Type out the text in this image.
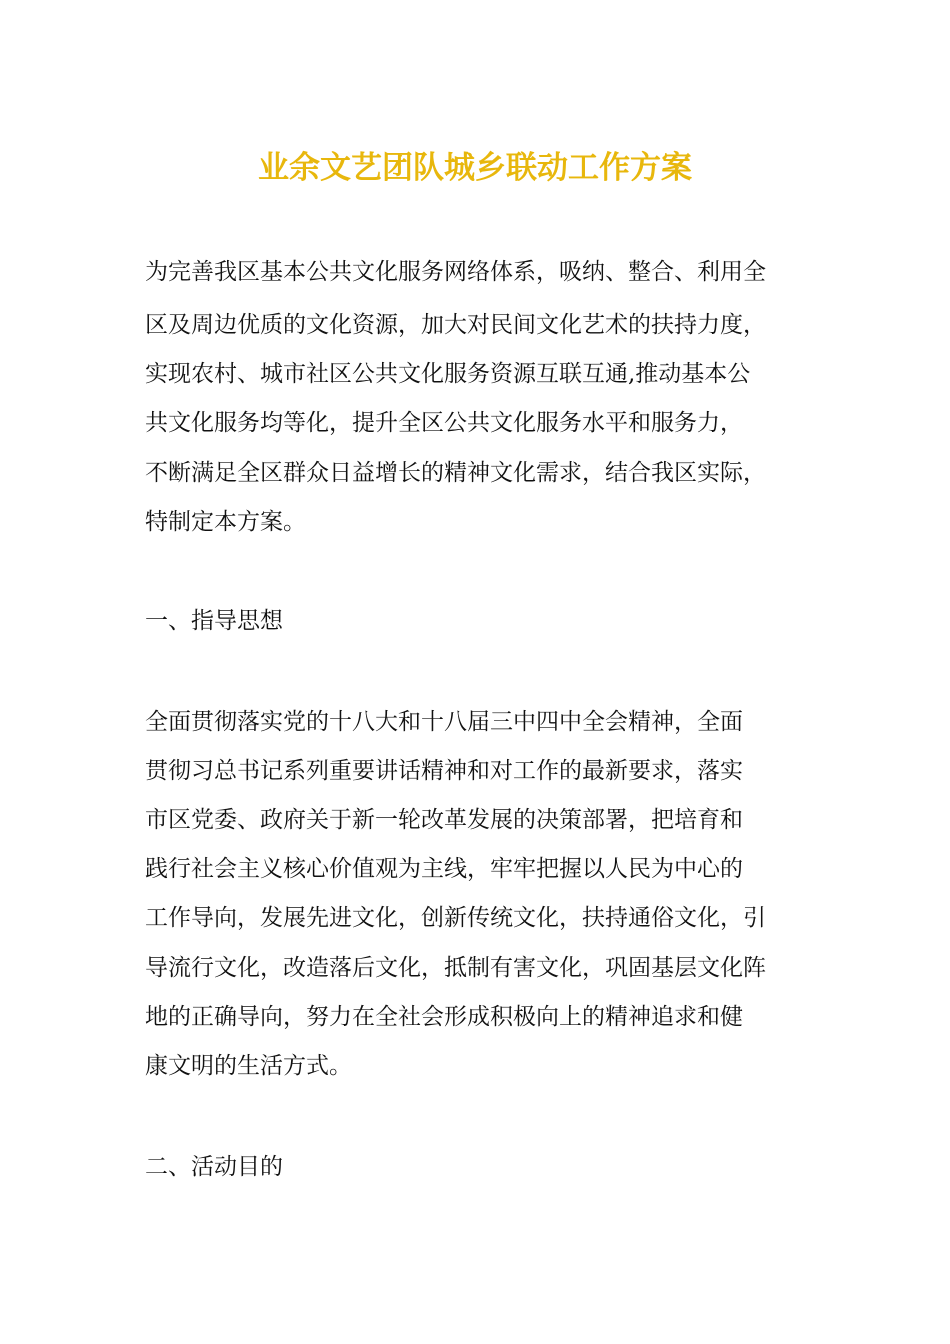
业余文艺团队城乡联动工作方案
为完善我区基本公共文化服务网络体系，吸纳、整合、利用全
区及周边优质的文化资源，加大对民间文化艺术的扶持力度，
实现农村、城市社区公共文化服务资源互联互通,推动基本公
共文化服务均等化，提升全区公共文化服务水平和服务力，
不断满足全区群众日益增长的精神文化需求，结合我区实际，
特制定本方案。
一、指导思想
全面贯彻落实党的十八大和十八届三中四中全会精神，全面
贯彻习总书记系列重要讲话精神和对工作的最新要求，落实
市区党委、政府关于新一轮改革发展的决策部署，把培育和
践行社会主义核心价值观为主线，牢牢把握以人民为中心的
工作导向，发展先进文化，创新传统文化，扶持通俗文化，引
导流行文化，改造落后文化，抵制有害文化，巩固基层文化阵
地的正确导向，努力在全社会形成积极向上的精神追求和健
康文明的生活方式。
二、活动目的
